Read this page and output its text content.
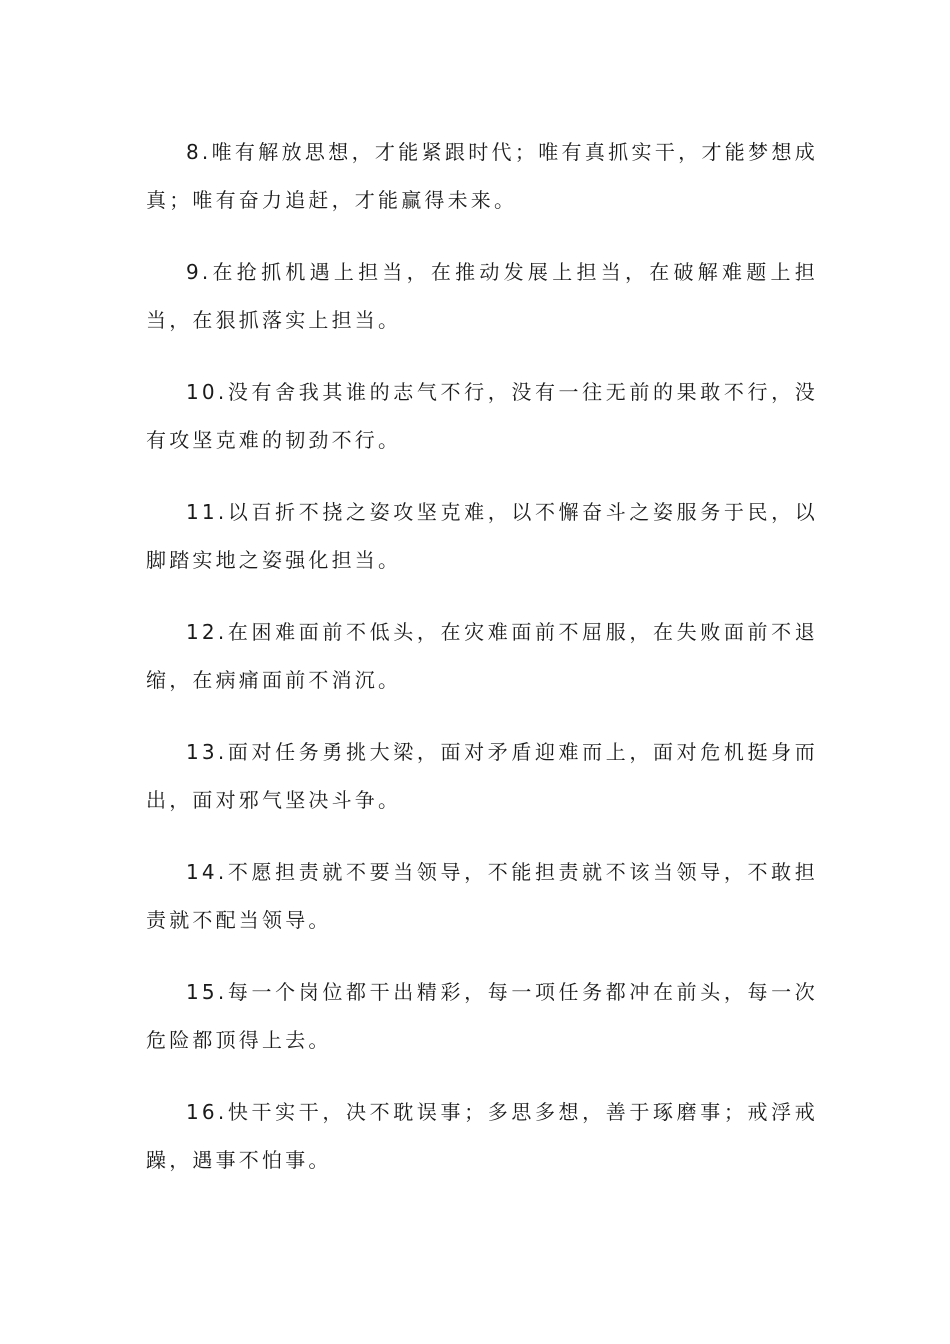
8.唯有解放思想，才能紧跟时代；唯有真抓实干，才能梦想成真；唯有奋力追赶，才能赢得未来。

9.在抢抓机遇上担当，在推动发展上担当，在破解难题上担当，在狠抓落实上担当。

10.没有舍我其谁的志气不行，没有一往无前的果敢不行，没有攻坚克难的韧劲不行。

11.以百折不挠之姿攻坚克难，以不懈奋斗之姿服务于民，以脚踏实地之姿强化担当。

12.在困难面前不低头，在灾难面前不屈服，在失败面前不退缩，在病痛面前不消沉。

13.面对任务勇挑大梁，面对矛盾迎难而上，面对危机挺身而出，面对邪气坚决斗争。

14.不愿担责就不要当领导，不能担责就不该当领导，不敢担责就不配当领导。

15.每一个岗位都干出精彩，每一项任务都冲在前头，每一次危险都顶得上去。

16.快干实干，决不耽误事；多思多想，善于琢磨事；戒浮戒躁，遇事不怕事。
